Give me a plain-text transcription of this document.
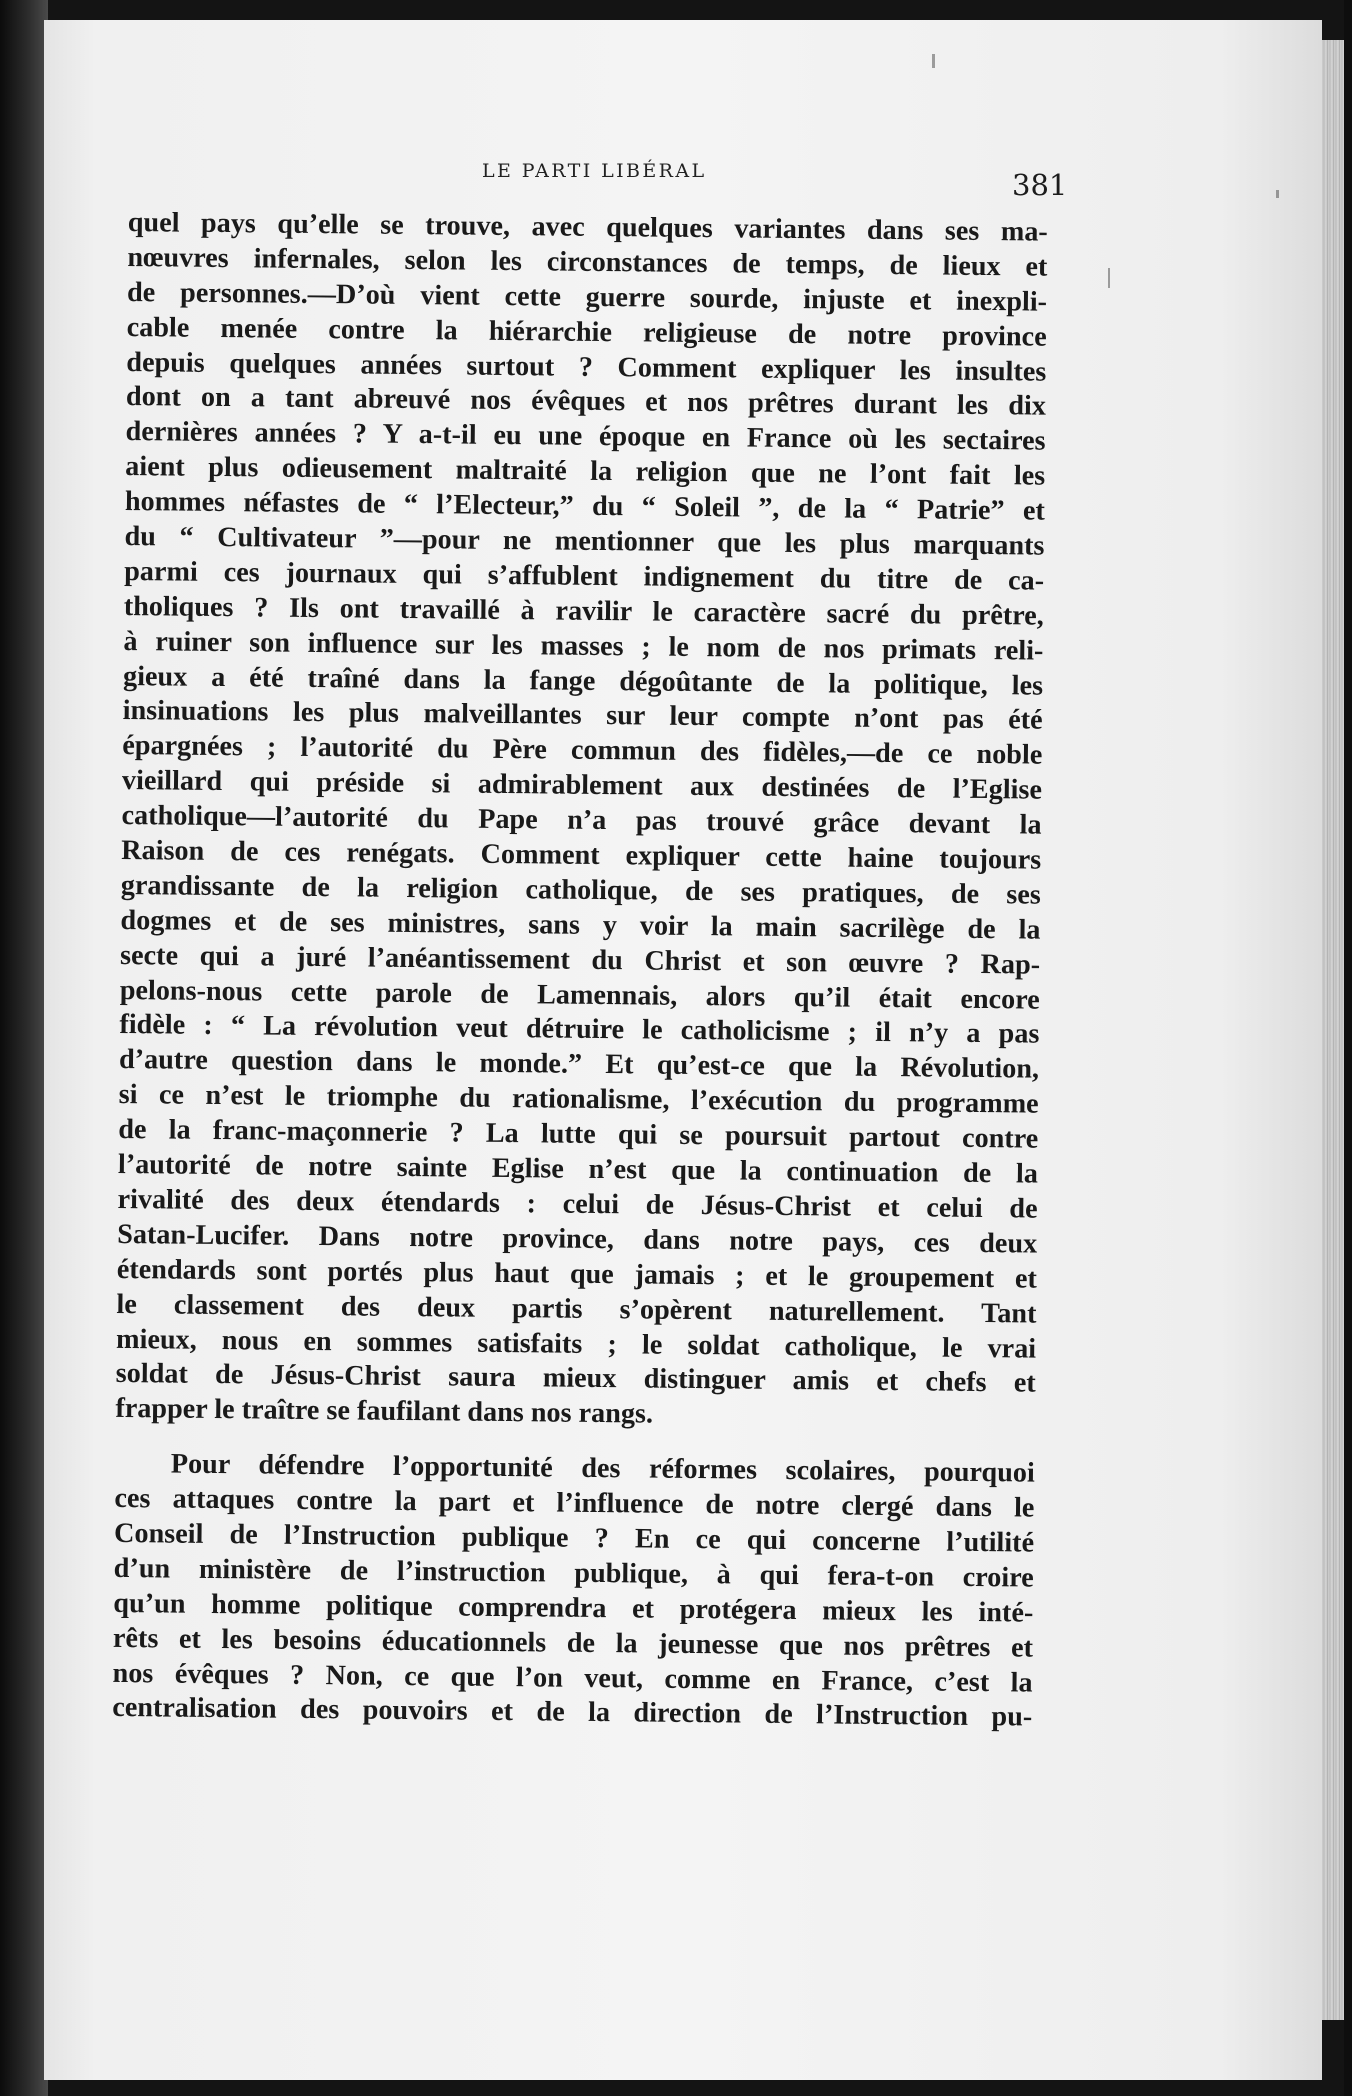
LE PARTI LIBÉRAL	381
quel pays qu’elle se trouve, avec quelques variantes dans ses ma-
nœuvres infernales, selon les circonstances de temps, de lieux et
de personnes.—D’où vient cette guerre sourde, injuste et inexpli-
cable menée contre la hiérarchie religieuse de notre province
depuis quelques années surtout ? Comment expliquer les insultes
dont on a tant abreuvé nos évêques et nos prêtres durant les dix
dernières années ? Y a-t-il eu une époque en France où les sectaires
aient plus odieusement maltraité la religion que ne l’ont fait les
hommes néfastes de “ l’Electeur,” du “ Soleil ”, de la “ Patrie” et
du “ Cultivateur ”—pour ne mentionner que les plus marquants
parmi ces journaux qui s’affublent indignement du titre de ca-
tholiques ? Ils ont travaillé à ravilir le caractère sacré du prêtre,
à ruiner son influence sur les masses ; le nom de nos primats reli-
gieux a été traîné dans la fange dégoûtante de la politique, les
insinuations les plus malveillantes sur leur compte n’ont pas été
épargnées ; l’autorité du Père commun des fidèles,—de ce noble
vieillard qui préside si admirablement aux destinées de l’Eglise
catholique—l’autorité du Pape n’a pas trouvé grâce devant la
Raison de ces renégats. Comment expliquer cette haine toujours
grandissante de la religion catholique, de ses pratiques, de ses
dogmes et de ses ministres, sans y voir la main sacrilège de la
secte qui a juré l’anéantissement du Christ et son œuvre ? Rap-
pelons-nous cette parole de Lamennais, alors qu’il était encore
fidèle : “ La révolution veut détruire le catholicisme ; il n’y a pas
d’autre question dans le monde.” Et qu’est-ce que la Révolution,
si ce n’est le triomphe du rationalisme, l’exécution du programme
de la franc-maçonnerie ? La lutte qui se poursuit partout contre
l’autorité de notre sainte Eglise n’est que la continuation de la
rivalité des deux étendards : celui de Jésus-Christ et celui de
Satan-Lucifer. Dans notre province, dans notre pays, ces deux
étendards sont portés plus haut que jamais ; et le groupement et
le classement des deux partis s’opèrent naturellement. Tant
mieux, nous en sommes satisfaits ; le soldat catholique, le vrai
soldat de Jésus-Christ saura mieux distinguer amis et chefs et
frapper le traître se faufilant dans nos rangs.
Pour défendre l’opportunité des réformes scolaires, pourquoi
ces attaques contre la part et l’influence de notre clergé dans le
Conseil de l’Instruction publique ? En ce qui concerne l’utilité
d’un ministère de l’instruction publique, à qui fera-t-on croire
qu’un homme politique comprendra et protégera mieux les inté-
rêts et les besoins éducationnels de la jeunesse que nos prêtres et
nos évêques ? Non, ce que l’on veut, comme en France, c’est la
centralisation des pouvoirs et de la direction de l’Instruction pu-
